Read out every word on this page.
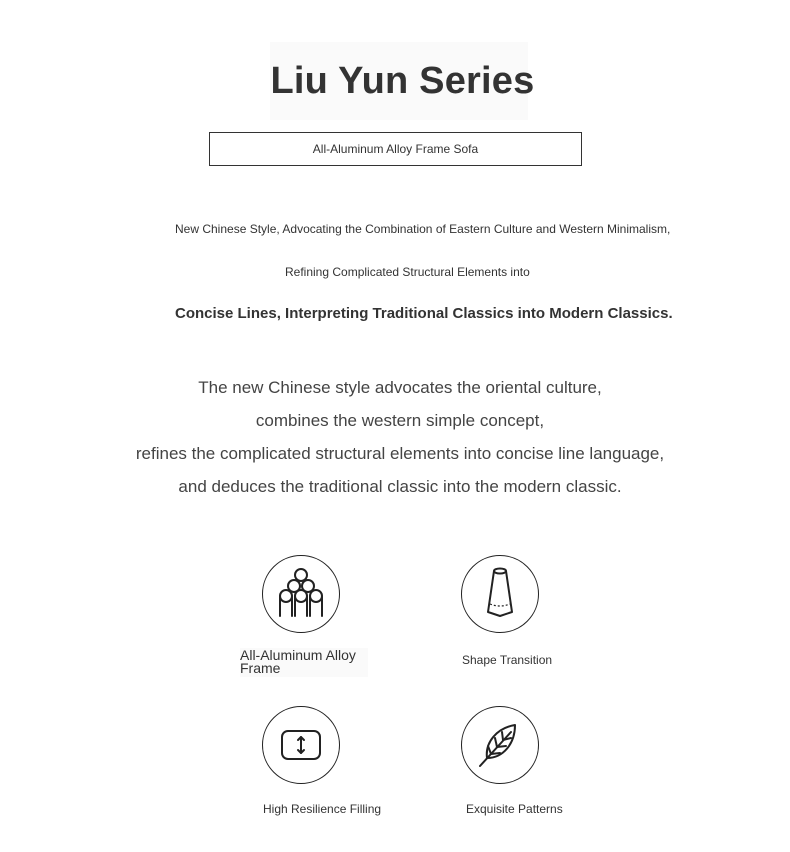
Liu Yun Series
All-Aluminum Alloy Frame Sofa
New Chinese Style, Advocating the Combination of Eastern Culture and Western Minimalism,
Refining Complicated Structural Elements into
Concise Lines, Interpreting Traditional Classics into Modern Classics.
The new Chinese style advocates the oriental culture,
combines the western simple concept,
refines the complicated structural elements into concise line language,
and deduces the traditional classic into the modern classic.
All-Aluminum Alloy Frame	Shape Transition
High Resilience Filling	Exquisite Patterns
